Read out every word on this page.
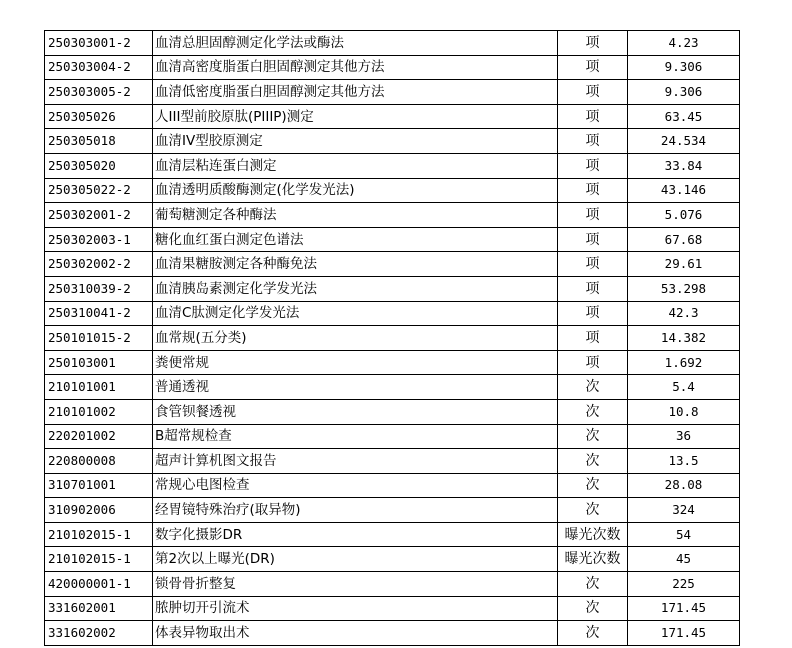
250303001-2	血清总胆固醇测定化学法或酶法	项	4.23
250303004-2	血清高密度脂蛋白胆固醇测定其他方法	项	9.306
250303005-2	血清低密度脂蛋白胆固醇测定其他方法	项	9.306
250305026	人III型前胶原肽(PIIIP)测定	项	63.45
250305018	血清IV型胶原测定	项	24.534
250305020	血清层粘连蛋白测定	项	33.84
250305022-2	血清透明质酸酶测定(化学发光法)	项	43.146
250302001-2	葡萄糖测定各种酶法	项	5.076
250302003-1	糖化血红蛋白测定色谱法	项	67.68
250302002-2	血清果糖胺测定各种酶免法	项	29.61
250310039-2	血清胰岛素测定化学发光法	项	53.298
250310041-2	血清C肽测定化学发光法	项	42.3
250101015-2	血常规(五分类)	项	14.382
250103001	粪便常规	项	1.692
210101001	普通透视	次	5.4
210101002	食管钡餐透视	次	10.8
220201002	B超常规检查	次	36
220800008	超声计算机图文报告	次	13.5
310701001	常规心电图检查	次	28.08
310902006	经胃镜特殊治疗(取异物)	次	324
210102015-1	数字化摄影DR	曝光次数	54
210102015-1	第2次以上曝光(DR)	曝光次数	45
420000001-1	锁骨骨折整复	次	225
331602001	脓肿切开引流术	次	171.45
331602002	体表异物取出术	次	171.45
